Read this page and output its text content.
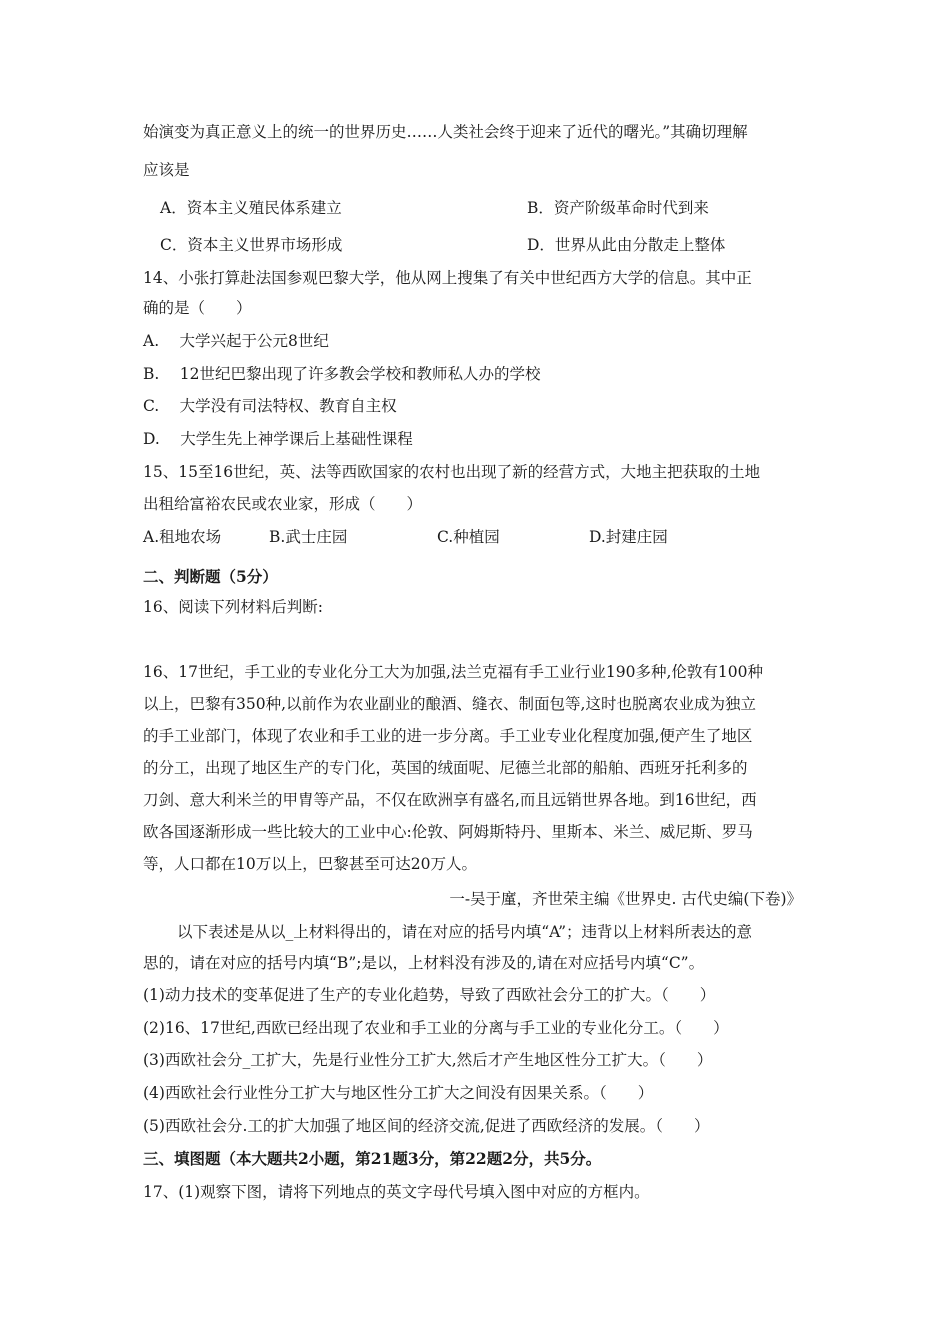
始演变为真正意义上的统一的世界历史……人类社会终于迎来了近代的曙光。”其确切理解
应该是
A．资本主义殖民体系建立	B．资产阶级革命时代到来
C．资本主义世界市场形成	D．世界从此由分散走上整体
14、小张打算赴法国参观巴黎大学，他从网上搜集了有关中世纪西方大学的信息。其中正
确的是（　　）
A.　 大学兴起于公元8世纪
B.　 12世纪巴黎出现了许多教会学校和教师私人办的学校
C.　 大学没有司法特权、教育自主权
D.　 大学生先上神学课后上基础性课程
15、15至16世纪，英、法等西欧国家的农村也出现了新的经营方式，大地主把获取的土地
出租给富裕农民或农业家，形成（　　）
A.租地农场	B.武士庄园	C.种植园	D.封建庄园
二、判断题（5分）
16、阅读下列材料后判断:
16、17世纪，手工业的专业化分工大为加强,法兰克福有手工业行业190多种,伦敦有100种
以上，巴黎有350种,以前作为农业副业的酿酒、缝衣、制面包等,这时也脱离农业成为独立
的手工业部门，体现了农业和手工业的进一步分离。手工业专业化程度加强,便产生了地区
的分工，出现了地区生产的专门化，英国的绒面呢、尼德兰北部的船舶、西班牙托利多的
刀剑、意大利米兰的甲胄等产品，不仅在欧洲享有盛名,而且远销世界各地。到16世纪，西
欧各国逐渐形成一些比较大的工业中心:伦敦、阿姆斯特丹、里斯本、米兰、威尼斯、罗马
等，人口都在10万以上，巴黎甚至可达20万人。
一-吴于廑，齐世荣主编《世界史. 古代史编(下卷)》
以下表述是从以_上材料得出的，请在对应的括号内填“A”；违背以上材料所表达的意
思的，请在对应的括号内填“B”;是以，上材料没有涉及的,请在对应括号内填“C”。
(1)动力技术的变革促进了生产的专业化趋势，导致了西欧社会分工的扩大。（　　）
(2)16、17世纪,西欧已经出现了农业和手工业的分离与手工业的专业化分工。（　　）
(3)西欧社会分_工扩大，先是行业性分工扩大,然后才产生地区性分工扩大。（　　）
(4)西欧社会行业性分工扩大与地区性分工扩大之间没有因果关系。（　　）
(5)西欧社会分.工的扩大加强了地区间的经济交流,促进了西欧经济的发展。（　　）
三、填图题（本大题共2小题，第21题3分，第22题2分，共5分。
17、(1)观察下图，请将下列地点的英文字母代号填入图中对应的方框内。
